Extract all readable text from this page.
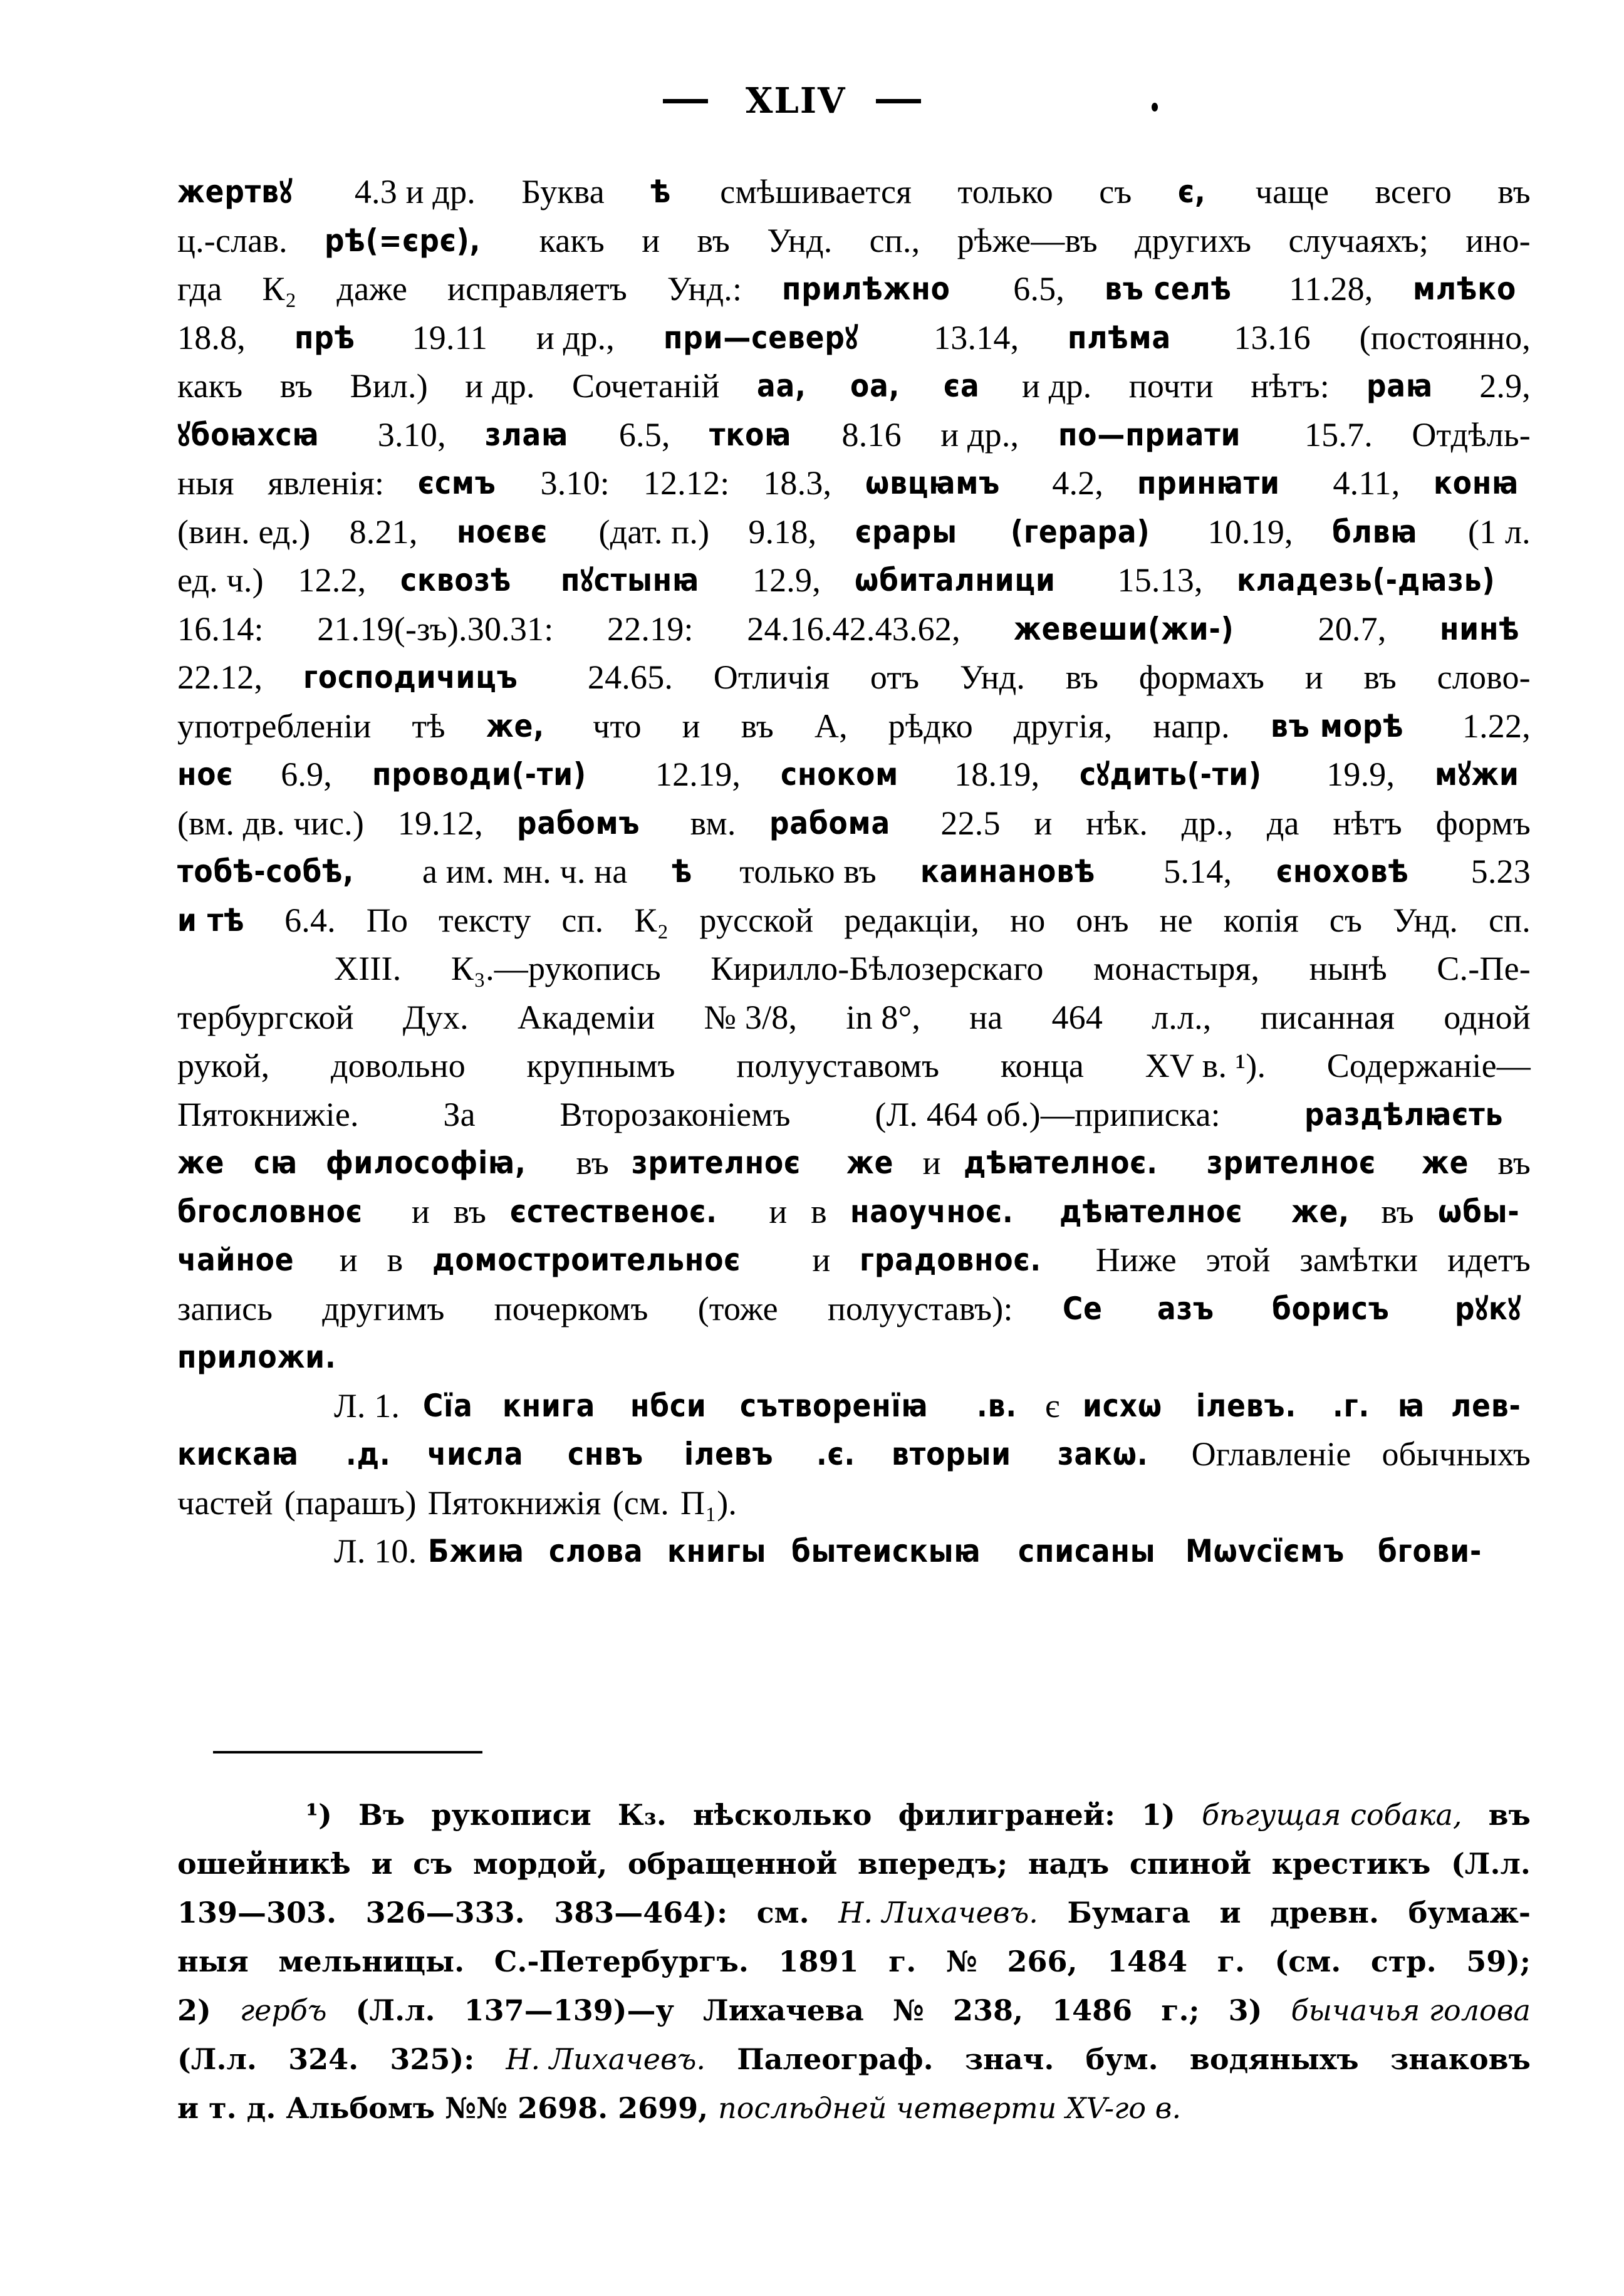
XLIV
жертвꙋ 4.3 и др. Буква ѣ смѣшивается только съ є, чаще всего въ
ц.-слав. рѣ(=єрє), какъ и въ Унд. сп., рѣже—въ другихъ случаяхъ; ино-
гда К₂ даже исправляетъ Унд.: прилѣжно 6.5, въ селѣ 11.28, млѣко
18.8, прѣ 19.11 и др., при—северꙋ 13.14, плѣма 13.16 (постоянно,
какъ въ Вил.) и др. Сочетаній аа, оа, єа и др. почти нѣтъ: раꙗ 2.9,
ꙋбоꙗхсꙗ 3.10, злаꙗ 6.5, ткоꙗ 8.16 и др., по—приати 15.7. Отдѣль-
ныя явленія: єсмъ 3.10: 12.12: 18.3, ѡвцꙗмъ 4.2, принꙗти 4.11, конꙗ
(вин. ед.) 8.21, ноєвє (дат. п.) 9.18, єрары (герара) 10.19, блвꙗ (1 л.
ед. ч.) 12.2, сквозѣ пꙋстынꙗ 12.9, ѡбиталници 15.13, кладезь(-дꙗзь)
16.14: 21.19(-зъ).30.31: 22.19: 24.16.42.43.62, жевеши(жи-) 20.7, нинѣ
22.12, господичицъ 24.65. Отличія отъ Унд. въ формахъ и въ слово-
употребленіи тѣ же, что и въ А, рѣдко другія, напр. въ морѣ 1.22,
ноє 6.9, проводи(-ти) 12.19, сноком 18.19, сꙋдить(-ти) 19.9, мꙋжи
(вм. дв. чис.) 19.12, рабомъ вм. рабома 22.5 и нѣк. др., да нѣтъ формъ
тобѣ-собѣ, а им. мн. ч. на ѣ только въ каинановѣ 5.14, єноховѣ 5.23
и тѣ 6.4. По тексту сп. К₂ русской редакціи, но онъ не копія съ Унд. сп.
XIII. К₃.—рукопись Кирилло-Бѣлозерскаго монастыря, нынѣ С.-Пе-
тербургской Дух. Академіи № 3/8, in 8°, на 464 л.л., писанная одной
рукой, довольно крупнымъ полууставомъ конца XV в. ¹). Содержаніе—
Пятокнижіе. За Второзаконіемъ (Л. 464 об.)—приписка:	раздѣлꙗєть
же сꙗ философіꙗ, въ зрителноє же и дѣꙗтелноє. зрителноє же въ
бгословноє и въ єстественоє. и в наоучноє. дѣꙗтелноє же, въ ѡбы-
чайное и в домостроительноє и градовноє. Ниже этой замѣтки идетъ
запись другимъ почеркомъ (тоже полууставъ): Се азъ борисъ рꙋкꙋ
приложи.
Л. 1. Сїа книга нбси сътворенїꙗ .в. є исхѡ ілевъ. .г. ꙗ лев-
кискаꙗ .д. числа снвъ ілевъ .є. вторыи закѡ. Оглавленіе обычныхъ
частей (парашъ) Пятокнижія (см. П₁).
Л. 10. Бжиꙗ слова книгы бытеискыꙗ списаны Мѡvсїємъ бгови-
¹) Въ рукописи К₃. нѣсколько филиграней: 1) бѣгущая собака, въ
ошейникѣ и съ мордой, обращенной впередъ; надъ спиной крестикъ (Л.л.
139—303. 326—333. 383—464): см. Н. Лихачевъ. Бумага и древн. бумаж-
ныя мельницы. С.-Петербургъ. 1891 г. № 266, 1484 г. (см. стр. 59);
2) гербъ (Л.л. 137—139)—у Лихачева № 238, 1486 г.; 3) бычачья голова
(Л.л. 324. 325): Н. Лихачевъ. Палеограф. знач. бум. водяныхъ знаковъ
и т. д. Альбомъ №№ 2698. 2699, послѣдней четверти XV-го в.
